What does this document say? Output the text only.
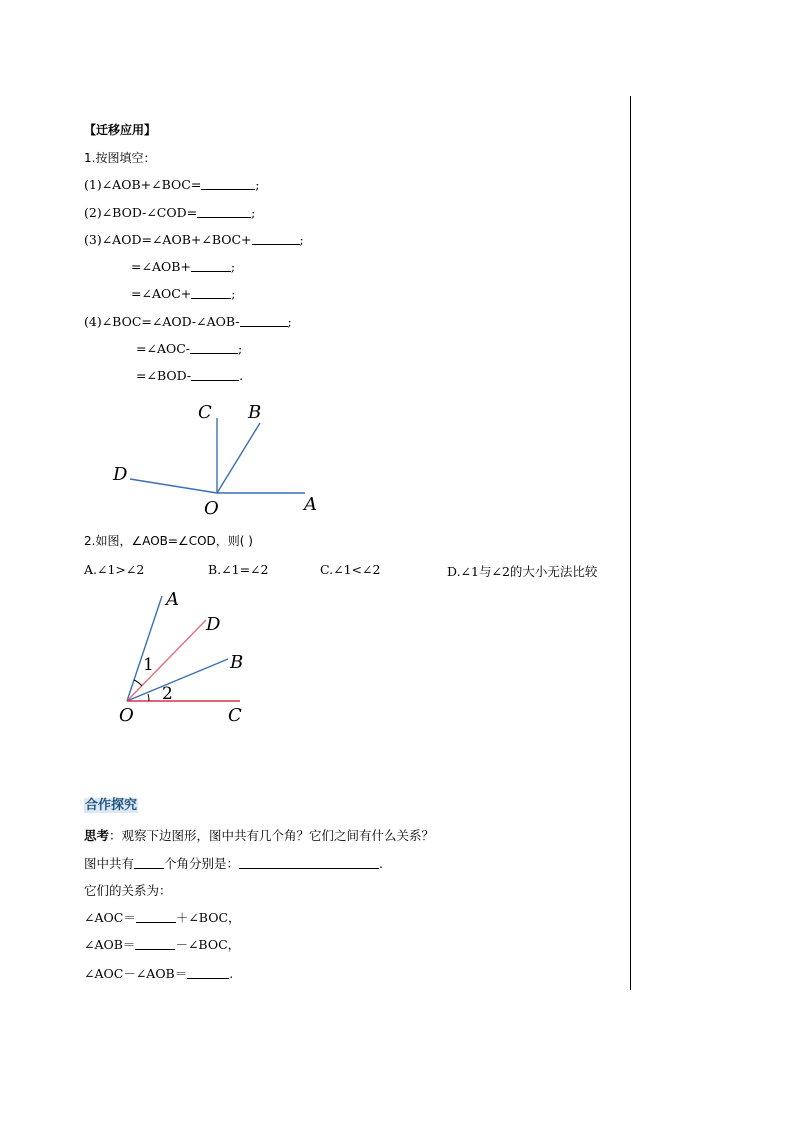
【迁移应用】
1.按图填空：
(1)∠AOB+∠BOC=	;
(2)∠BOD-∠COD=	;
(3)∠AOD=∠AOB+∠BOC+	;
=∠AOB+	;
=∠AOC+	;
(4)∠BOC=∠AOD-∠AOB-	;
=∠AOC-	;
=∠BOD-	.
C B
D
O	A
A
D
B
O	C
1
2
2.如图，∠AOB=∠COD，则( )
A.∠1>∠2	B.∠1=∠2	C.∠1<∠2	D.∠1与∠2的大小无法比较
合作探究
思考：观察下边图形，图中共有几个角？它们之间有什么关系？
图中共有 个角分别是：	.
它们的关系为：
∠AOC＝	＋∠BOC，
∠AOB＝	－∠BOC，
∠AOC－∠AOB＝	.
